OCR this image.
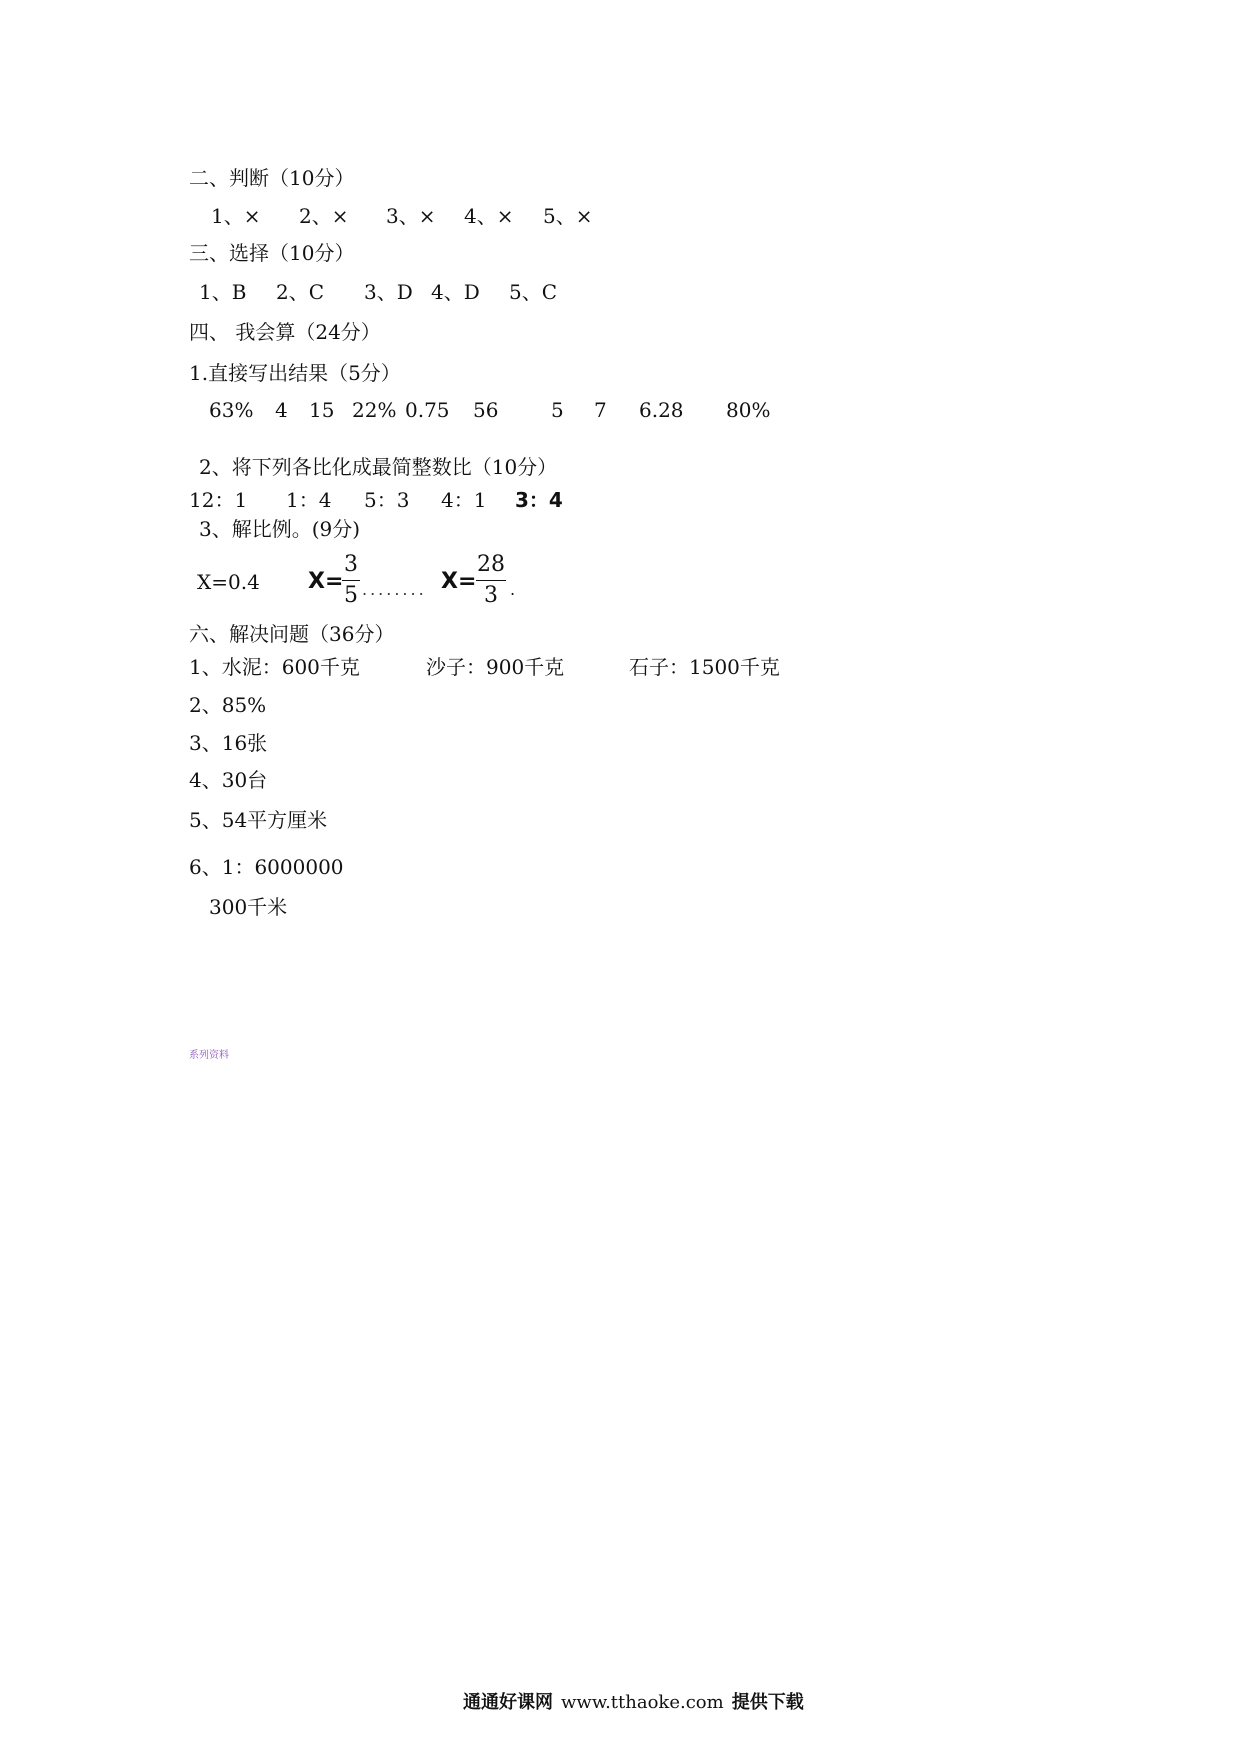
二、判断（10分）
1、× 2、× 3、× 4、× 5、×
三、选择（10分）
1、B 2、C 3、D 4、D 5、C
四、 我会算（24分）
1.直接写出结果（5分）
63% 4 15 22% 0.75 56	5 7 6.28 80%
2、将下列各比化成最简整数比（10分）
12：1 1：4 5：3 4：1 3：4
3、解比例。(9分)
X=0.4 X=
3
5 ........ X=
28
3 .
六、解决问题（36分）
1、水泥：600千克	沙子：900千克	石子：1500千克
2、85%
3、16张
4、30台
5、54平方厘米
6、1：6000000
300千米
系列资料
通通好课网 www.tthaoke.com 提供下载
